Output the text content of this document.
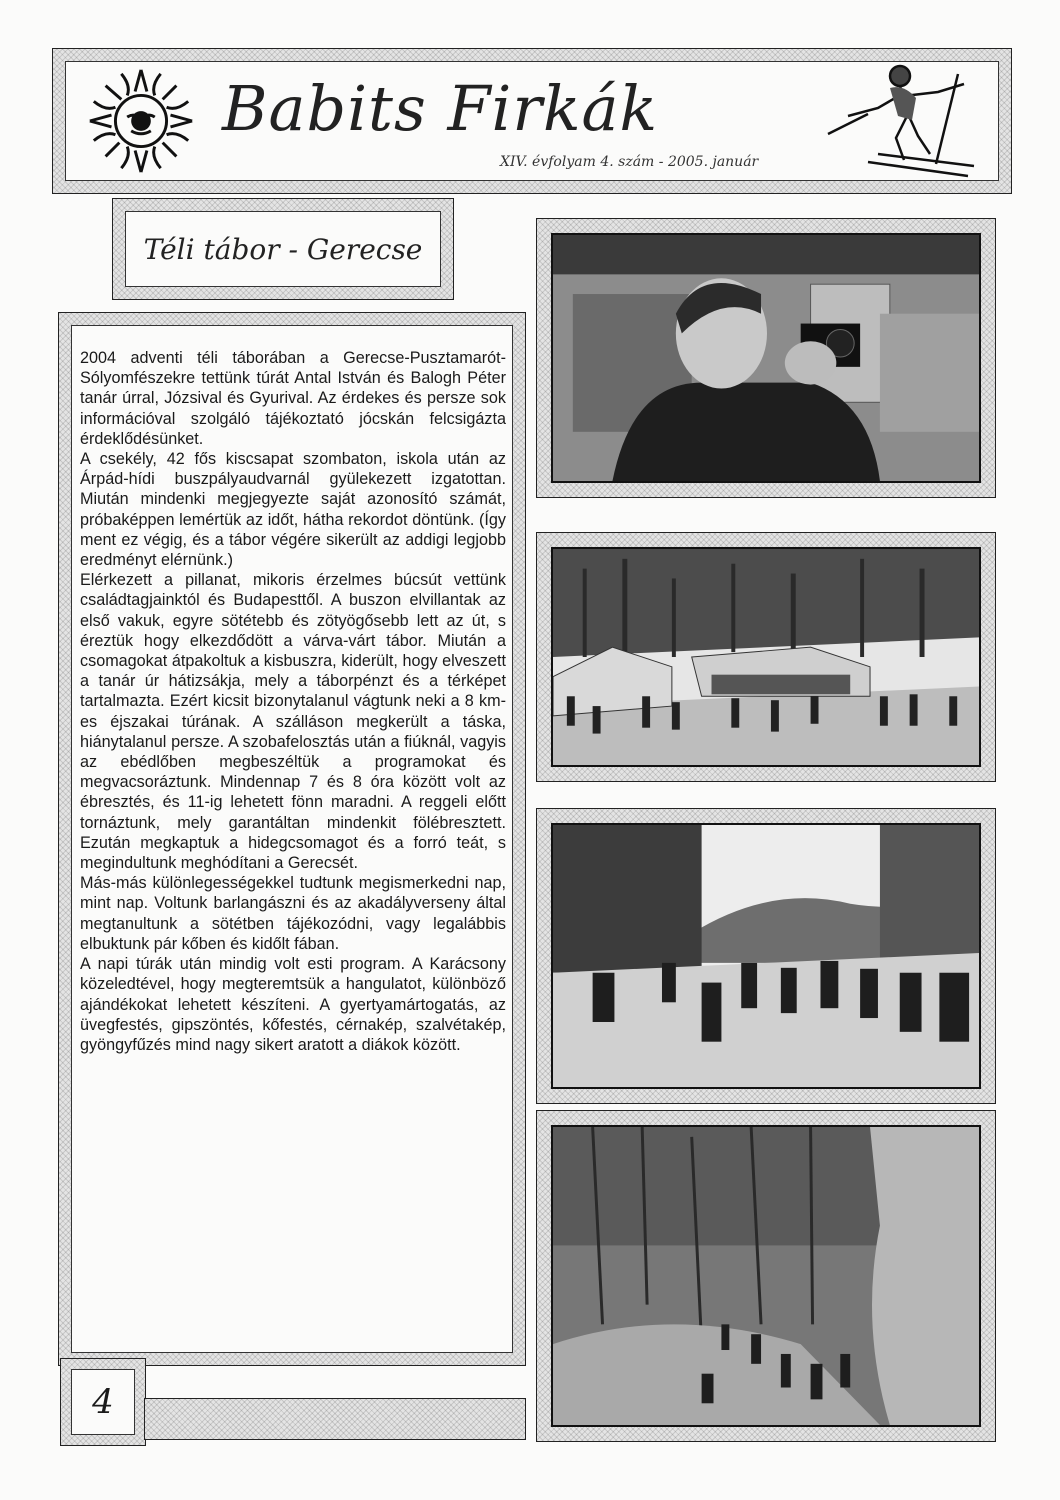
Babits Firkák
XIV. évfolyam 4. szám - 2005. január
Téli tábor - Gerecse

2004 adventi téli táborában a Gerecse-Pusztamarót-Sólyomfészekre tettünk túrát Antal István és Balogh Péter tanár úrral, Józsival és Gyurival. Az érdekes és persze sok információval szolgáló tájékoztató jócskán felcsigázta érdeklődésünket.

A csekély, 42 fős kiscsapat szombaton, iskola után az Árpád-hídi buszpályaudvarnál gyülekezett izgatottan. Miután mindenki megjegyezte saját azonosító számát, próbaképpen lemértük az időt, hátha rekordot döntünk. (Így ment ez végig, és a tábor végére sikerült az addigi legjobb eredményt elérnünk.)

Elérkezett a pillanat, mikoris érzelmes búcsút vettünk családtagjainktól és Budapesttől. A buszon elvillantak az első vakuk, egyre sötétebb és zötyögősebb lett az út, s éreztük hogy elkezdődött a várva-várt tábor. Miután a csomagokat átpakoltuk a kisbuszra, kiderült, hogy elveszett a tanár úr hátizsákja, mely a táborpénzt és a térképet tartalmazta. Ezért kicsit bizonytalanul vágtunk neki a 8 km-es éjszakai túrának. A szálláson megkerült a táska, hiánytalanul persze. A szobafelosztás után a fiúknál, vagyis az ebédlőben megbeszéltük a programokat és megvacsoráztunk. Mindennap 7 és 8 óra között volt az ébresztés, és 11-ig lehetett fönn maradni. A reggeli előtt tornáztunk, mely garantáltan mindenkit fölébresztett. Ezután megkaptuk a hidegcsomagot és a forró teát, s megindultunk meghódítani a Gerecsét.

Más-más különlegességekkel tudtunk megismerkedni nap, mint nap. Voltunk barlangászni és az akadályverseny által megtanultunk a sötétben tájékozódni, vagy legalábbis elbuktunk pár kőben és kidőlt fában.

A napi túrák után mindig volt esti program. A Karácsony közeledtével, hogy megteremtsük a hangulatot, különböző ajándékokat lehetett készíteni. A gyertyamártogatás, az üvegfestés, gipszöntés, kőfestés, cérnakép, szalvétakép, gyöngyfűzés mind nagy sikert aratott a diákok között.

4
